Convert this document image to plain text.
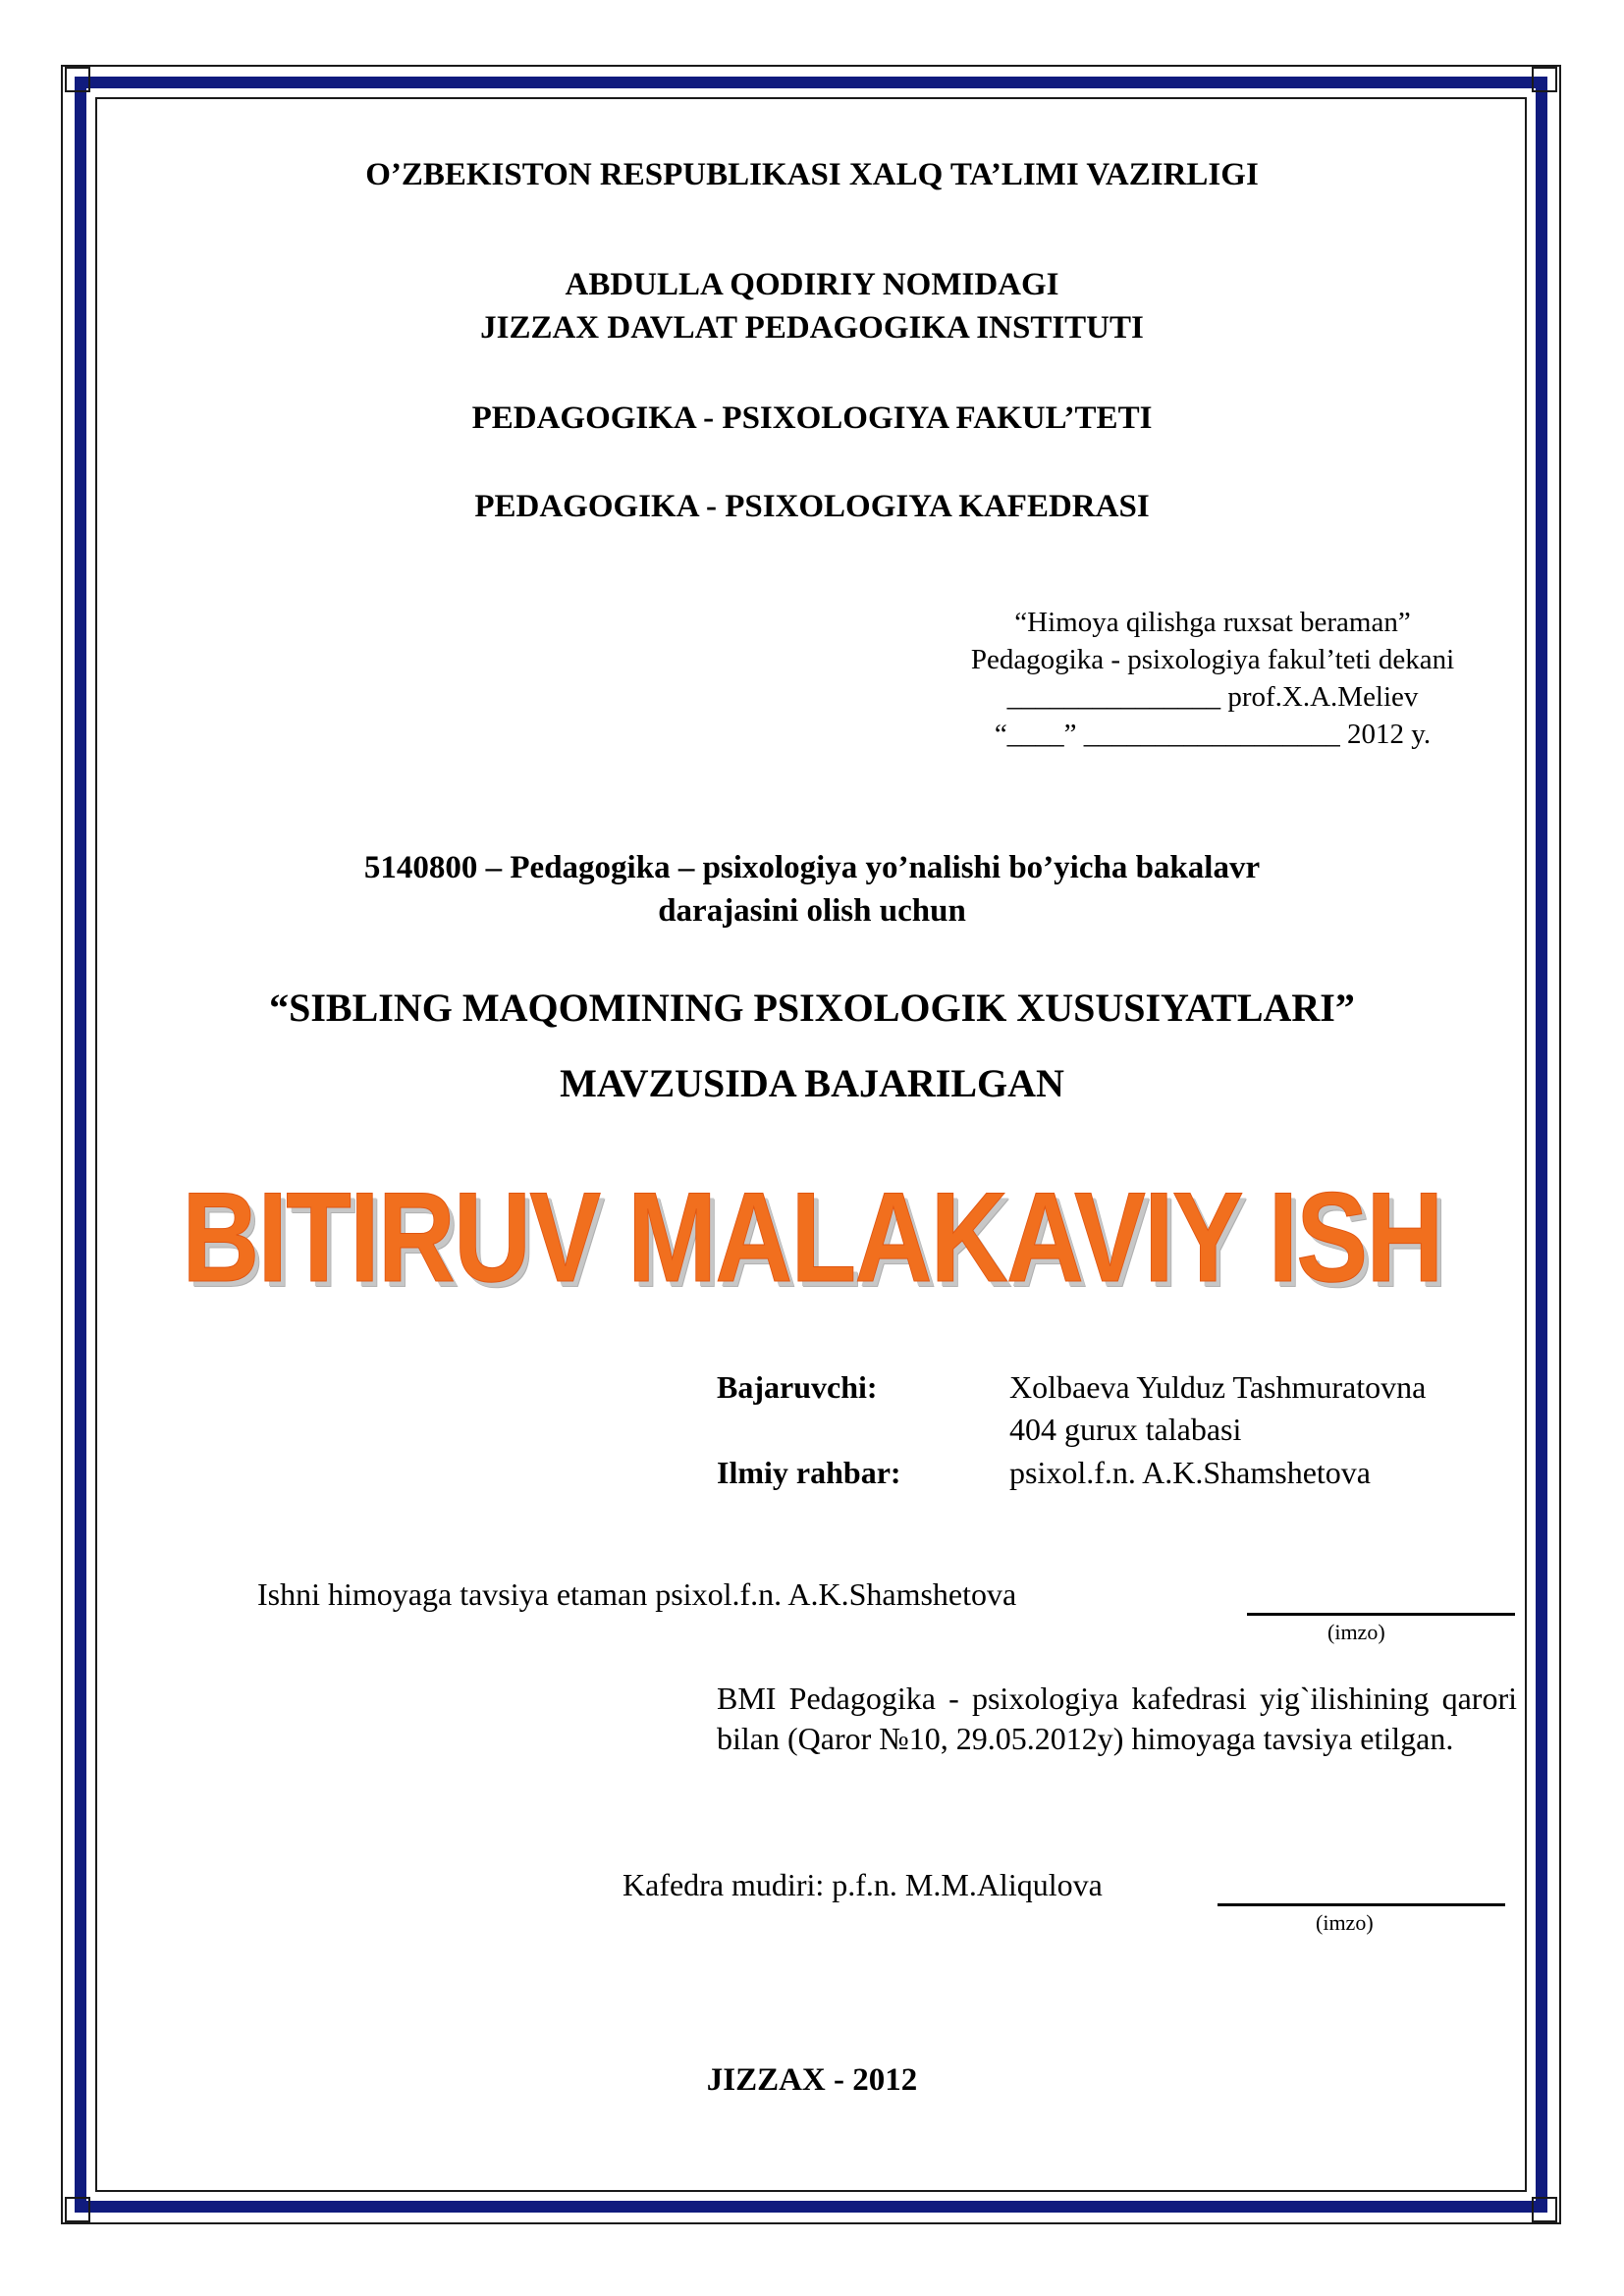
O’ZBEKISTON RESPUBLIKASI XALQ TA’LIMI VAZIRLIGI
ABDULLA QODIRIY NOMIDAGI
JIZZAX DAVLAT PEDAGOGIKA INSTITUTI
PEDAGOGIKA - PSIXOLOGIYA FAKUL’TETI
PEDAGOGIKA - PSIXOLOGIYA KAFEDRASI
“Himoya qilishga ruxsat beraman”
Pedagogika - psixologiya fakul’teti dekani
_______________ prof.X.A.Meliev
“____” __________________ 2012 y.
5140800 – Pedagogika – psixologiya yo’nalishi bo’yicha bakalavr
darajasini olish uchun
“SIBLING MAQOMINING PSIXOLOGIK XUSUSIYATLARI”
MAVZUSIDA BAJARILGAN
BITIRUV MALAKAVIY ISH
Bajaruvchi:	Xolbaeva Yulduz Tashmuratovna
404 gurux talabasi
Ilmiy rahbar:	psixol.f.n. A.K.Shamshetova
Ishni himoyaga tavsiya etaman psixol.f.n. A.K.Shamshetova
(imzo)
BMI Pedagogika - psixologiya kafedrasi yig`ilishining qarori bilan (Qaror №10, 29.05.2012y) himoyaga tavsiya etilgan.
Kafedra mudiri: p.f.n. M.M.Aliqulova
(imzo)
JIZZAX - 2012
